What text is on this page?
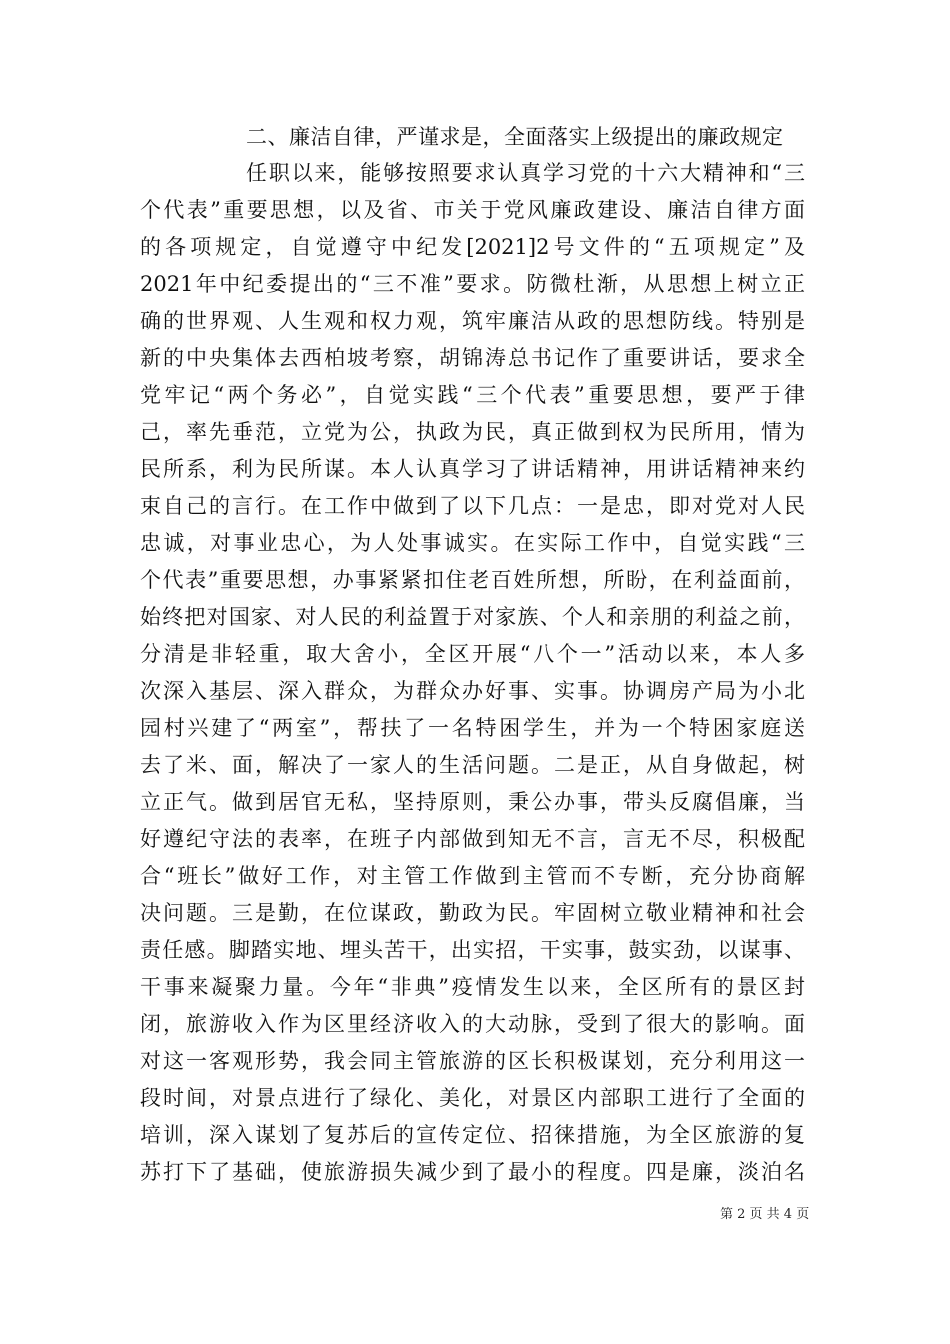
二、廉洁自律，严谨求是，全面落实上级提出的廉政规定
任职以来，能够按照要求认真学习党的十六大精神和“三
个代表”重要思想，以及省、市关于党风廉政建设、廉洁自律方面
的各项规定，自觉遵守中纪发[2021]2号文件的“五项规定”及
2021年中纪委提出的“三不准”要求。防微杜渐，从思想上树立正
确的世界观、人生观和权力观，筑牢廉洁从政的思想防线。特别是
新的中央集体去西柏坡考察，胡锦涛总书记作了重要讲话，要求全
党牢记“两个务必”，自觉实践“三个代表”重要思想，要严于律
己，率先垂范，立党为公，执政为民，真正做到权为民所用，情为
民所系，利为民所谋。本人认真学习了讲话精神，用讲话精神来约
束自己的言行。在工作中做到了以下几点：一是忠，即对党对人民
忠诚，对事业忠心，为人处事诚实。在实际工作中，自觉实践“三
个代表”重要思想，办事紧紧扣住老百姓所想，所盼，在利益面前，
始终把对国家、对人民的利益置于对家族、个人和亲朋的利益之前，
分清是非轻重，取大舍小，全区开展“八个一”活动以来，本人多
次深入基层、深入群众，为群众办好事、实事。协调房产局为小北
园村兴建了“两室”，帮扶了一名特困学生，并为一个特困家庭送
去了米、面，解决了一家人的生活问题。二是正，从自身做起，树
立正气。做到居官无私，坚持原则，秉公办事，带头反腐倡廉，当
好遵纪守法的表率，在班子内部做到知无不言，言无不尽，积极配
合“班长”做好工作，对主管工作做到主管而不专断，充分协商解
决问题。三是勤，在位谋政，勤政为民。牢固树立敬业精神和社会
责任感。脚踏实地、埋头苦干，出实招，干实事，鼓实劲，以谋事、
干事来凝聚力量。今年“非典”疫情发生以来，全区所有的景区封
闭，旅游收入作为区里经济收入的大动脉，受到了很大的影响。面
对这一客观形势，我会同主管旅游的区长积极谋划，充分利用这一
段时间，对景点进行了绿化、美化，对景区内部职工进行了全面的
培训，深入谋划了复苏后的宣传定位、招徕措施，为全区旅游的复
苏打下了基础，使旅游损失减少到了最小的程度。四是廉，淡泊名
第 2 页 共 4 页
